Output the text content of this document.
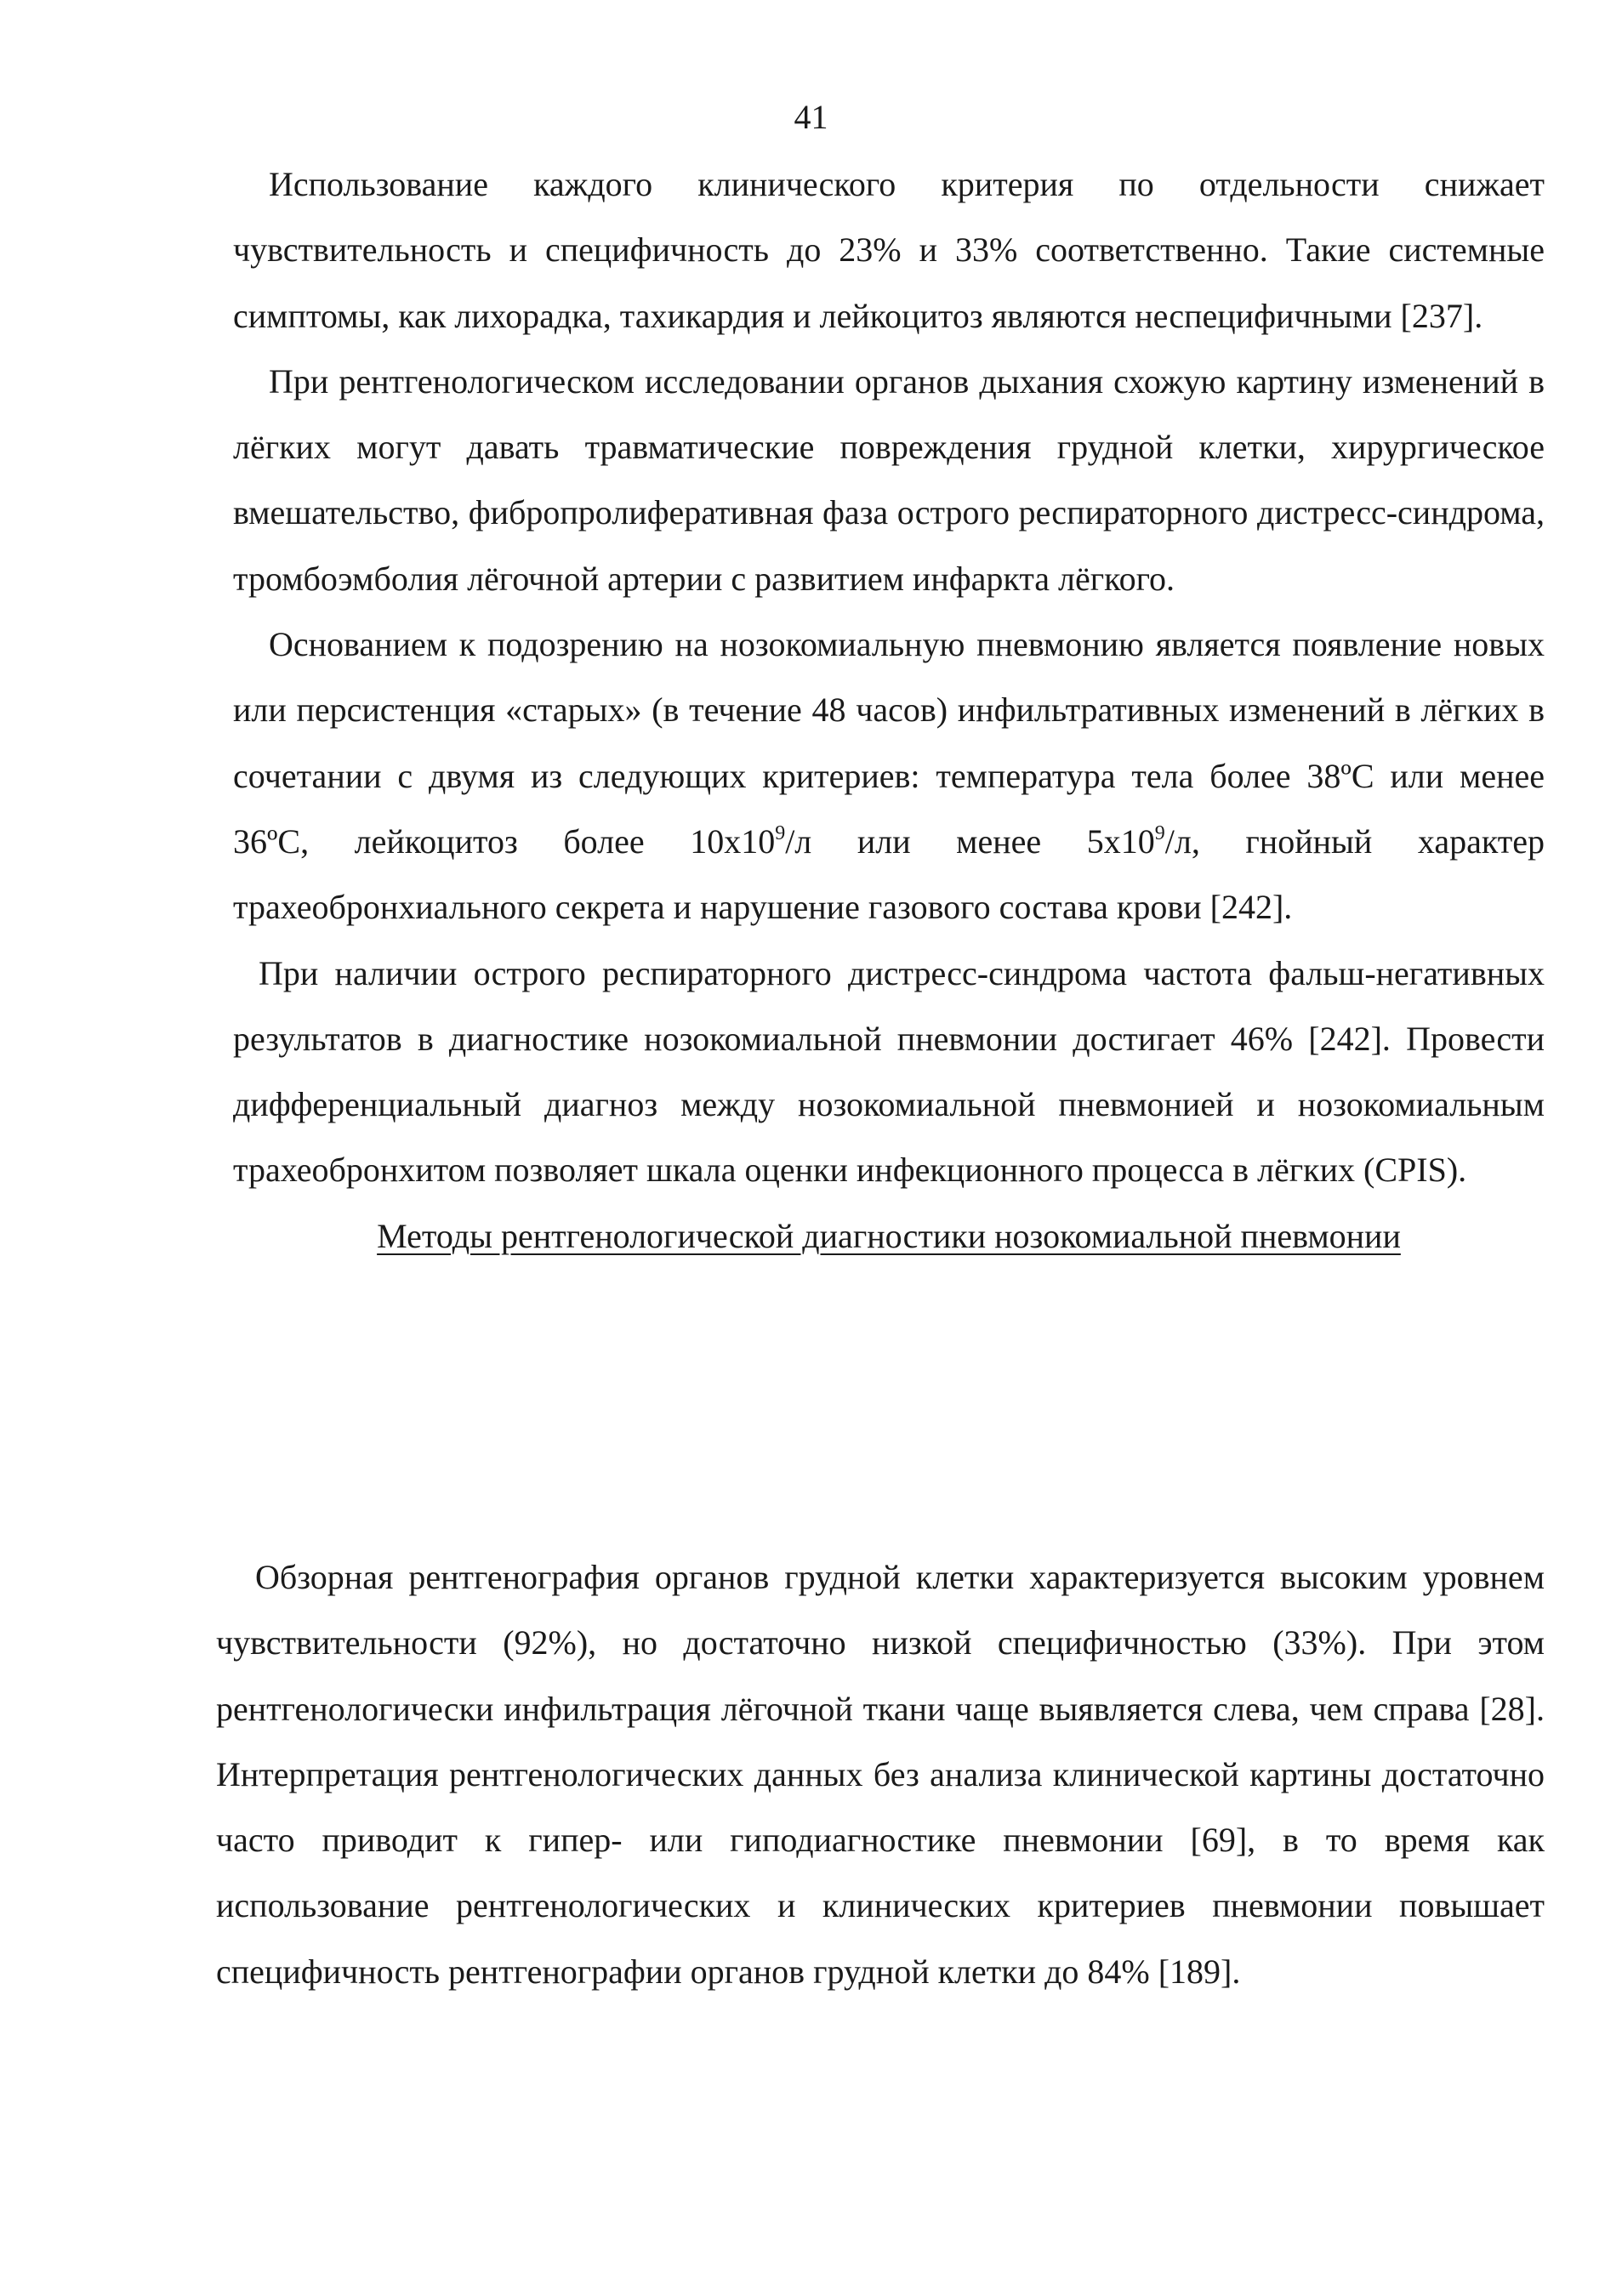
41

Использование каждого клинического критерия по отдельности снижает чувствительность и специфичность до 23% и 33% соответственно. Такие системные симптомы, как лихорадка, тахикардия и лейкоцитоз являются неспецифичными [237].

При рентгенологическом исследовании органов дыхания схожую картину изменений в лёгких могут давать травматические повреждения грудной клетки, хирургическое вмешательство, фибропролиферативная фаза острого респираторного дистресс-синдрома, тромбоэмболия лёгочной артерии с развитием инфаркта лёгкого.

Основанием к подозрению на нозокомиальную пневмонию является появление новых или персистенция «старых» (в течение 48 часов) инфильтративных изменений в лёгких в сочетании с двумя из следующих критериев: температура тела более 38ºС или менее 36ºС, лейкоцитоз более $10х10^9/л$ или менее $5х10^9/л$, гнойный характер трахеобронхиального секрета и нарушение газового состава крови [242].

При наличии острого респираторного дистресс-синдрома частота фальш-негативных результатов в диагностике нозокомиальной пневмонии достигает 46% [242]. Провести дифференциальный диагноз между нозокомиальной пневмонией и нозокомиальным трахеобронхитом позволяет шкала оценки инфекционного процесса в лёгких (CPIS).

Методы рентгенологической диагностики нозокомиальной пневмонии

Обзорная рентгенография органов грудной клетки характеризуется высоким уровнем чувствительности (92%), но достаточно низкой специфичностью (33%). При этом рентгенологически инфильтрация лёгочной ткани чаще выявляется слева, чем справа [28]. Интерпретация рентгенологических данных без анализа клинической картины достаточно часто приводит к гипер- или гиподиагностике пневмонии [69], в то время как использование рентгенологических и клинических критериев пневмонии повышает специфичность рентгенографии органов грудной клетки до 84% [189].
